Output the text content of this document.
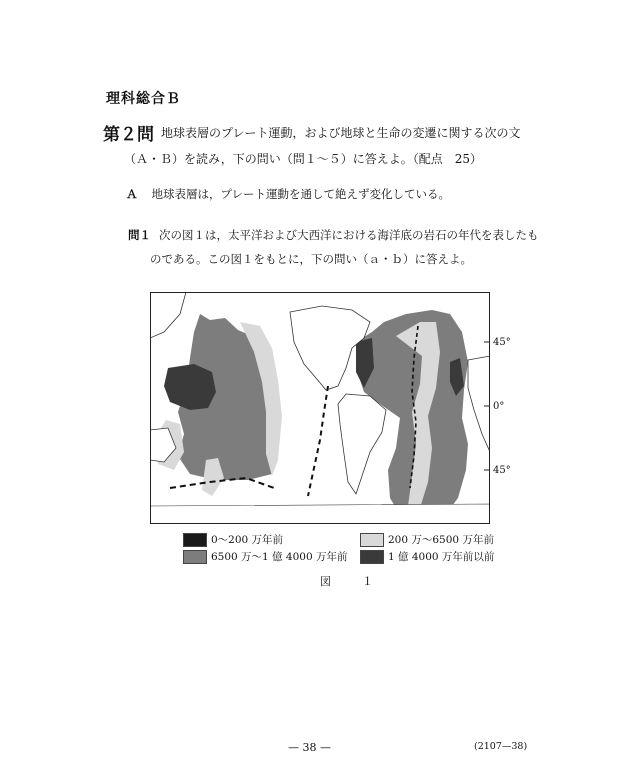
理科総合Ｂ
第２問 地球表層のプレート運動，および地球と生命の変遷に関する次の文
（Ａ・Ｂ）を読み，下の問い（問１～５）に答えよ。（配点　25）
Ａ 地球表層は，プレート運動を通して絶えず変化している。
問１ 次の図１は，太平洋および大西洋における海洋底の岩石の年代を表したも
のである。この図１をもとに，下の問い（ａ・ｂ）に答えよ。
45°
0°
45°
0～200 万年前	200 万～6500 万年前
6500 万～1 億 4000 万年前	1 億 4000 万年前以前
図　１
— 38 —	(2107—38)
